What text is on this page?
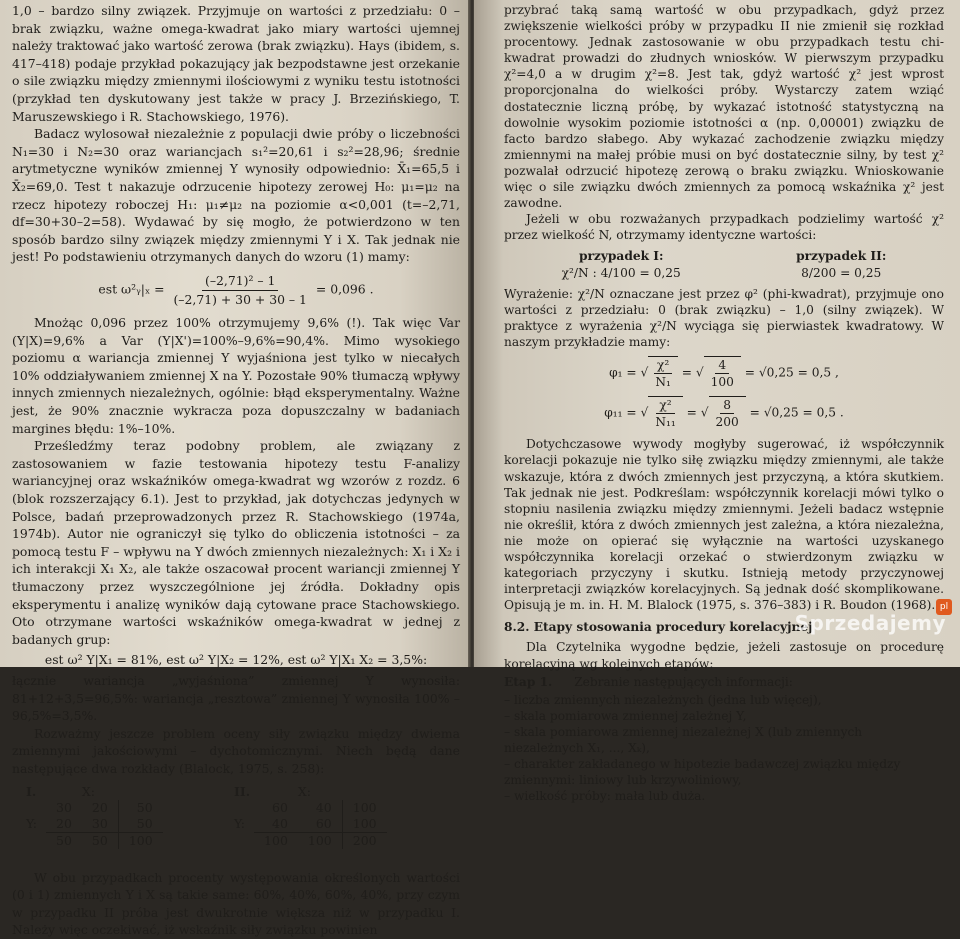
1,0 – bardzo silny związek. Przyjmuje on wartości z przedziału: 0 – brak związku, ważne omega-kwadrat jako miary wartości ujemnej należy traktować jako wartość zerowa (brak związku). Hays (ibidem, s. 417–418) podaje przykład pokazujący jak bezpodstawne jest orzekanie o sile związku między zmiennymi ilościowymi z wyniku testu istotności (przykład ten dyskutowany jest także w pracy J. Brzezińskiego, T. Maruszewskiego i R. Stachowskiego, 1976).

Badacz wylosował niezależnie z populacji dwie próby o liczebności N₁=30 i N₂=30 oraz wariancjach s₁²=20,61 i s₂²=28,96; średnie arytmetyczne wyników zmiennej Y wynosiły odpowiednio: X̄₁=65,5 i X̄₂=69,0. Test t nakazuje odrzucenie hipotezy zerowej H₀: μ₁=μ₂ na rzecz hipotezy roboczej H₁: μ₁≠μ₂ na poziomie α<0,001 (t=–2,71, df=30+30–2=58). Wydawać by się mogło, że potwierdzono w ten sposób bardzo silny związek między zmiennymi Y i X. Tak jednak nie jest! Po podstawieniu otrzymanych danych do wzoru (1) mamy:

est ω²ᵧ|ₓ = $\frac{\text{(–2,71)² – 1}}{(-2,71) + 30 + 30 - 1} = 0,096$ .

Mnożąc 0,096 przez 100% otrzymujemy 9,6% (!). Tak więc Var (Y|X)=9,6% a Var (Y|X')=100%–9,6%=90,4%. Mimo wysokiego poziomu α wariancja zmiennej Y wyjaśniona jest tylko w niecałych 10% oddziaływaniem zmiennej X na Y. Pozostałe 90% tłumaczą wpływy innych zmiennych niezależnych, ogólnie: błąd eksperymentalny. Ważne jest, że 90% znacznie wykracza poza dopuszczalny w badaniach margines błędu: 1%–10%.

Prześledźmy teraz podobny problem, ale związany z zastosowaniem w fazie testowania hipotezy testu F-analizy wariancyjnej oraz wskaźników omega-kwadrat wg wzorów z rozdz. 6 (blok rozszerzający 6.1). Jest to przykład, jak dotychczas jedynych w Polsce, badań przeprowadzonych przez R. Stachowskiego (1974a, 1974b). Autor nie ograniczył się tylko do obliczenia istotności – za pomocą testu F – wpływu na Y dwóch zmiennych niezależnych: X₁ i X₂ i ich interakcji X₁ X₂, ale także oszacował procent wariancji zmiennej Y tłumaczony przez wyszczególnione jej źródła. Dokładny opis eksperymentu i analizę wyników dają cytowane prace Stachowskiego. Oto otrzymane wartości wskaźników omega-kwadrat w jednej z badanych grup:

est ω² Y|X₁ = 81%, est ω² Y|X₂ = 12%, est ω² Y|X₁ X₂ = 3,5%:

łącznie wariancja „wyjaśniona” zmiennej Y wynosiła: 81+12+3,5=96,5%: wariancja „resztowa” zmiennej Y wynosiła 100% – 96,5%=3,5%.

Rozważmy jeszcze problem oceny siły związku między dwiema zmiennymi jakościowymi – dychotomicznymi. Niech będą dane następujące dwa rozkłady (Blalock, 1975, s. 258):

I.		X:	
	30	20	50
Y:	20	30	50
	50	50	100
II.		X:	
	60	40	100
Y:	40	60	100
	100	100	200

W obu przypadkach procenty występowania określonych wartości (0 i 1) zmiennych Y i X są takie same: 60%, 40%, 60%, 40%, przy czym w przypadku II próba jest dwukrotnie większa niż w przypadku I. Należy więc oczekiwać, iż wskaźnik siły związku powinien

przybrać taką samą wartość w obu przypadkach, gdyż przez zwiększenie wielkości próby w przypadku II nie zmienił się rozkład procentowy. Jednak zastosowanie w obu przypadkach testu chi-kwadrat prowadzi do złudnych wniosków. W pierwszym przypadku χ²=4,0 a w drugim χ²=8. Jest tak, gdyż wartość χ² jest wprost proporcjonalna do wielkości próby. Wystarczy zatem wziąć dostatecznie liczną próbę, by wykazać istotność statystyczną na dowolnie wysokim poziomie istotności α (np. 0,00001) związku de facto bardzo słabego. Aby wykazać zachodzenie związku między zmiennymi na małej próbie musi on być dostatecznie silny, by test χ² pozwalał odrzucić hipotezę zerową o braku związku. Wnioskowanie więc o sile związku dwóch zmiennych za pomocą wskaźnika χ² jest zawodne.

Jeżeli w obu rozważanych przypadkach podzielimy wartość χ² przez wielkość N, otrzymamy identyczne wartości:

przypadek I:
χ²/N : 4/100 = 0,25
przypadek II:
8/200 = 0,25

Wyrażenie: χ²/N oznaczane jest przez φ² (phi-kwadrat), przyjmuje ono wartości z przedziału: 0 (brak związku) – 1,0 (silny związek). W praktyce z wyrażenia χ²/N wyciąga się pierwiastek kwadratowy. W naszym przykładzie mamy:

φ₁ = √ $\frac{\text{χ²}}{\text{N₁}}$ = √ $\frac{4}{100} = √0,25 = 0,5$ ,
φ₁₁ = √ $\frac{\text{χ²}}{\text{N₁₁}}$ = √ $\frac{8}{200} = √0,25 = 0,5$ .

Dotychczasowe wywody mogłyby sugerować, iż współczynnik korelacji pokazuje nie tylko siłę związku między zmiennymi, ale także wskazuje, która z dwóch zmiennych jest przyczyną, a która skutkiem. Tak jednak nie jest. Podkreślam: współczynnik korelacji mówi tylko o stopniu nasilenia związku między zmiennymi. Jeżeli badacz wstępnie nie określił, która z dwóch zmiennych jest zależna, a która niezależna, nie może on opierać się wyłącznie na wartości uzyskanego współczynnika korelacji orzekać o stwierdzonym związku w kategoriach przyczyny i skutku. Istnieją metody przyczynowej interpretacji związków korelacyjnych. Są jednak dość skomplikowane. Opisują je m. in. H. M. Blalock (1975, s. 376–383) i R. Boudon (1968).

8.2. Etapy stosowania procedury korelacyjnej

Dla Czytelnika wygodne będzie, jeżeli zastosuje on procedurę korelacyjną wg kolejnych etapów:

Etap 1. Zebranie następujących informacji:
– liczba zmiennych niezależnych (jedna lub więcej),
– skala pomiarowa zmiennej zależnej Y,
– skala pomiarowa zmiennej niezależnej X (lub zmiennych niezależnych X₁, ..., Xₖ),
– charakter zakładanego w hipotezie badawczej związku między zmiennymi: liniowy lub krzywoliniowy,
– wielkość próby: mała lub duża.
pl
Sprzedajemy
